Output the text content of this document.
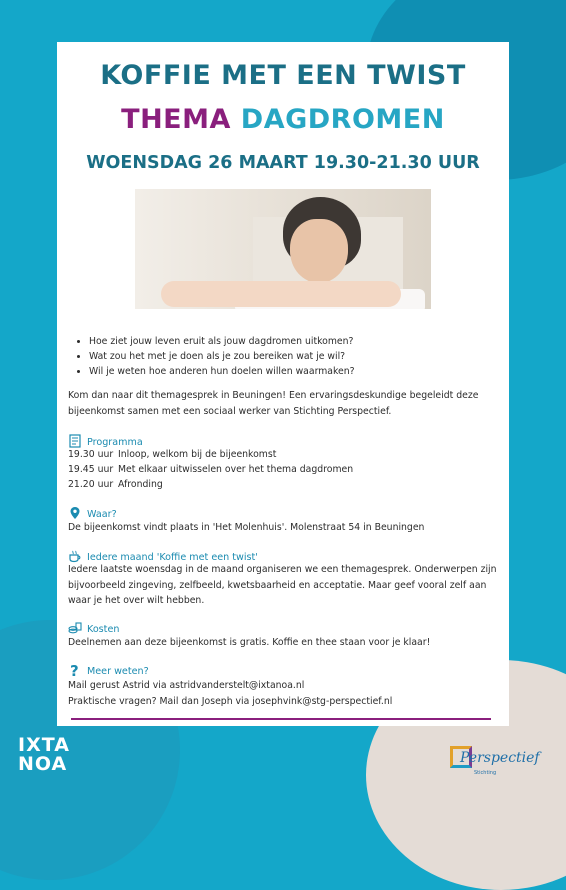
KOFFIE MET EEN TWIST
THEMA DAGDROMEN
WOENSDAG 26 MAART 19.30-21.30 UUR
• Hoe ziet jouw leven eruit als jouw dagdromen uitkomen?
• Wat zou het met je doen als je zou bereiken wat je wil?
• Wil je weten hoe anderen hun doelen willen waarmaken?
Kom dan naar dit themagesprek in Beuningen! Een ervaringsdeskundige begeleidt deze bijeenkomst samen met een sociaal werker van Stichting Perspectief.
Programma
19.30 uur Inloop, welkom bij de bijeenkomst
19.45 uur Met elkaar uitwisselen over het thema dagdromen
21.20 uur Afronding
Waar?
De bijeenkomst vindt plaats in 'Het Molenhuis'. Molenstraat 54 in Beuningen
Iedere maand 'Koffie met een twist'
Iedere laatste woensdag in de maand organiseren we een themagesprek. Onderwerpen zijn bijvoorbeeld zingeving, zelfbeeld, kwetsbaarheid en acceptatie. Maar geef vooral zelf aan waar je het over wilt hebben.
Kosten
Deelnemen aan deze bijeenkomst is gratis. Koffie en thee staan voor je klaar!
? Meer weten?
Mail gerust Astrid via astridvanderstelt@ixtanoa.nl
Praktische vragen? Mail dan Joseph via josephvink@stg-perspectief.nl
IXTA
NOA	Perspectief
Stichting
